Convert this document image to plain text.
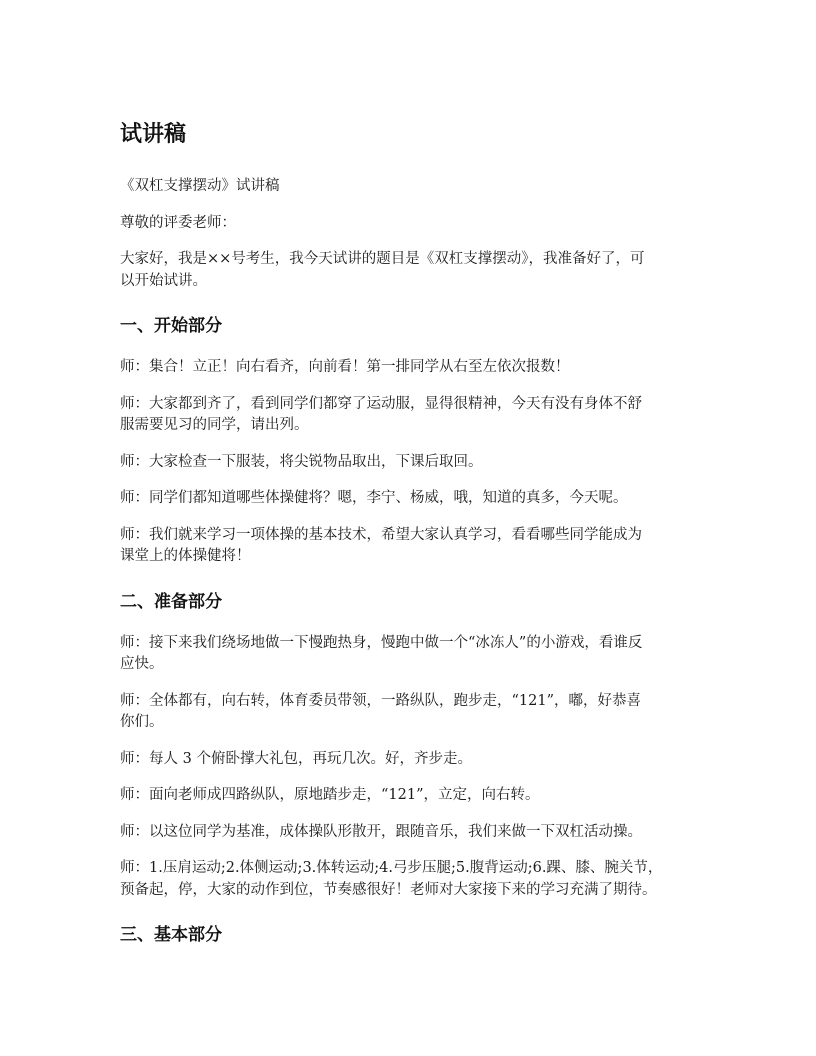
试讲稿

《双杠支撑摆动》试讲稿

尊敬的评委老师：

大家好，我是××号考生，我今天试讲的题目是《双杠支撑摆动》，我准备好了，可
以开始试讲。

一、开始部分

师：集合！立正！向右看齐，向前看！第一排同学从右至左依次报数！

师：大家都到齐了，看到同学们都穿了运动服，显得很精神，今天有没有身体不舒
服需要见习的同学，请出列。

师：大家检查一下服装，将尖锐物品取出，下课后取回。

师：同学们都知道哪些体操健将？嗯，李宁、杨威，哦，知道的真多，今天呢。

师：我们就来学习一项体操的基本技术，希望大家认真学习，看看哪些同学能成为
课堂上的体操健将！

二、准备部分

师：接下来我们绕场地做一下慢跑热身，慢跑中做一个“冰冻人”的小游戏，看谁反
应快。

师：全体都有，向右转，体育委员带领，一路纵队，跑步走，“121”，嘟，好恭喜
你们。

师：每人 3 个俯卧撑大礼包，再玩几次。好，齐步走。

师：面向老师成四路纵队，原地踏步走，“121”，立定，向右转。

师：以这位同学为基准，成体操队形散开，跟随音乐，我们来做一下双杠活动操。

师：1.压肩运动;2.体侧运动;3.体转运动;4.弓步压腿;5.腹背运动;6.踝、膝、腕关节，
预备起，停，大家的动作到位，节奏感很好！老师对大家接下来的学习充满了期待。

三、基本部分
